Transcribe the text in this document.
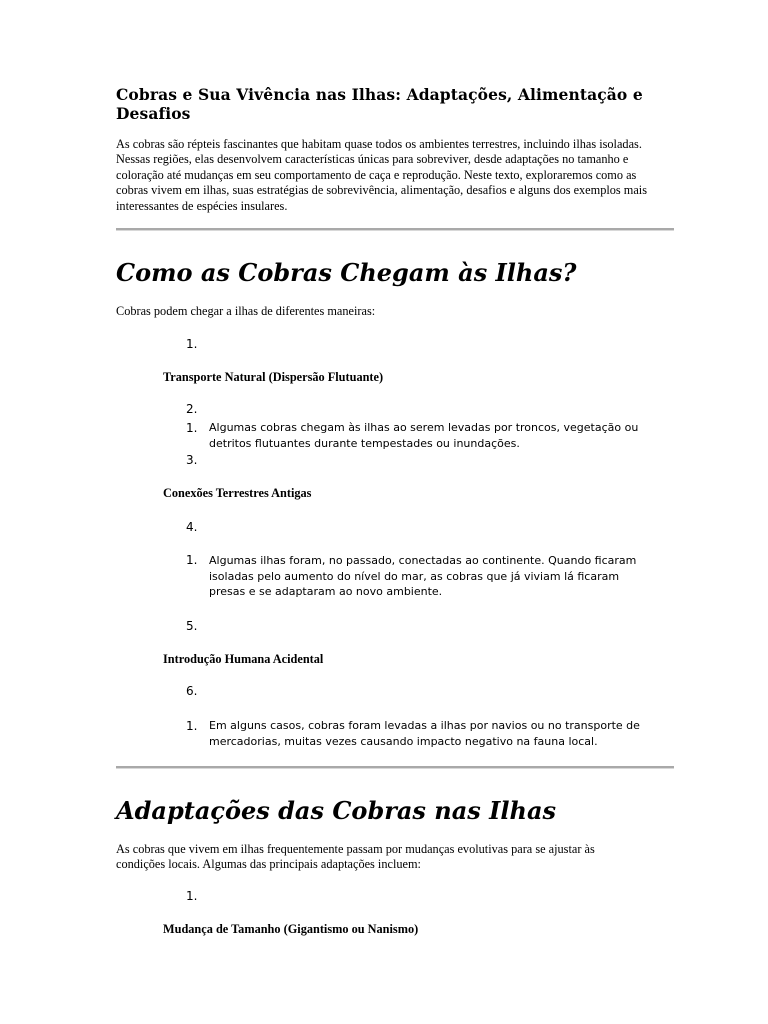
Cobras e Sua Vivência nas Ilhas: Adaptações, Alimentação e Desafios

As cobras são répteis fascinantes que habitam quase todos os ambientes terrestres, incluindo ilhas isoladas. Nessas regiões, elas desenvolvem características únicas para sobreviver, desde adaptações no tamanho e coloração até mudanças em seu comportamento de caça e reprodução. Neste texto, exploraremos como as cobras vivem em ilhas, suas estratégias de sobrevivência, alimentação, desafios e alguns dos exemplos mais interessantes de espécies insulares.

Como as Cobras Chegam às Ilhas?

Cobras podem chegar a ilhas de diferentes maneiras:

1.
Transporte Natural (Dispersão Flutuante)
2.
1. Algumas cobras chegam às ilhas ao serem levadas por troncos, vegetação ou detritos flutuantes durante tempestades ou inundações.
3.
Conexões Terrestres Antigas
4.
1. Algumas ilhas foram, no passado, conectadas ao continente. Quando ficaram isoladas pelo aumento do nível do mar, as cobras que já viviam lá ficaram presas e se adaptaram ao novo ambiente.
5.
Introdução Humana Acidental
6.
1. Em alguns casos, cobras foram levadas a ilhas por navios ou no transporte de mercadorias, muitas vezes causando impacto negativo na fauna local.
Adaptações das Cobras nas Ilhas

As cobras que vivem em ilhas frequentemente passam por mudanças evolutivas para se ajustar às condições locais. Algumas das principais adaptações incluem:

1.
Mudança de Tamanho (Gigantismo ou Nanismo)
